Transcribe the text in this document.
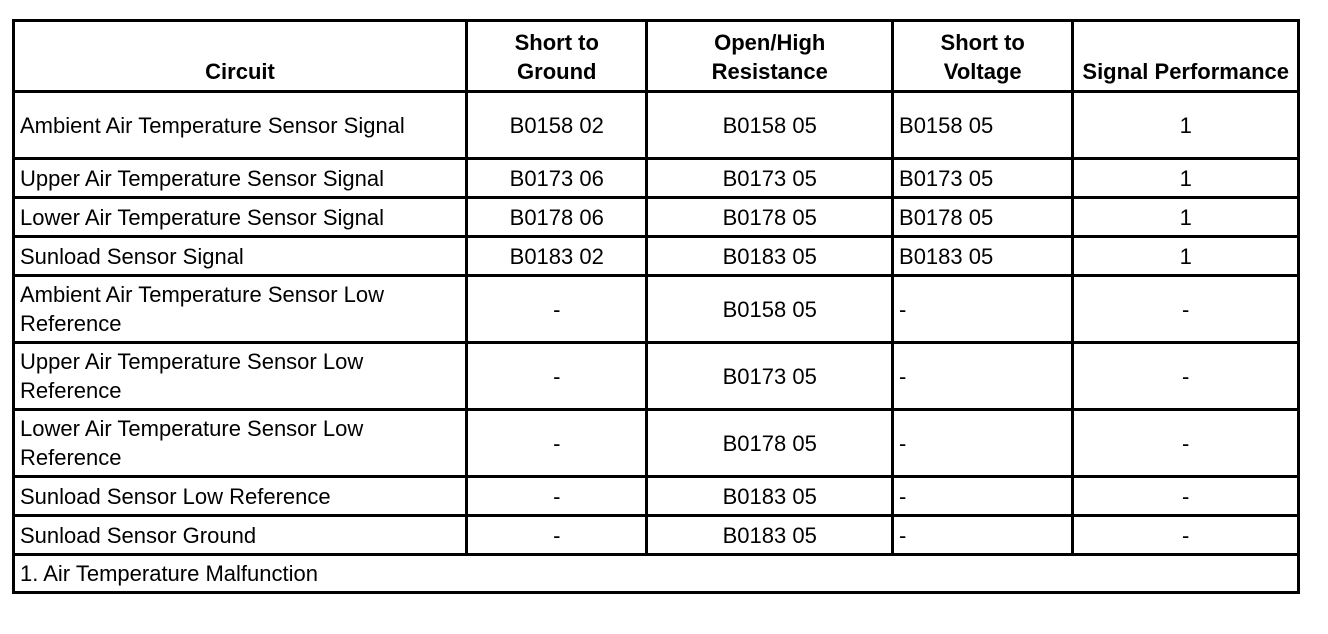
Circuit	Short to Ground	Open/High Resistance	Short to Voltage	Signal Performance
Ambient Air Temperature Sensor Signal	B0158 02	B0158 05	B0158 05	1
Upper Air Temperature Sensor Signal	B0173 06	B0173 05	B0173 05	1
Lower Air Temperature Sensor Signal	B0178 06	B0178 05	B0178 05	1
Sunload Sensor Signal	B0183 02	B0183 05	B0183 05	1
Ambient Air Temperature Sensor Low Reference	-	B0158 05	-	-
Upper Air Temperature Sensor Low Reference	-	B0173 05	-	-
Lower Air Temperature Sensor Low Reference	-	B0178 05	-	-
Sunload Sensor Low Reference	-	B0183 05	-	-
Sunload Sensor Ground	-	B0183 05	-	-
1. Air Temperature Malfunction				
